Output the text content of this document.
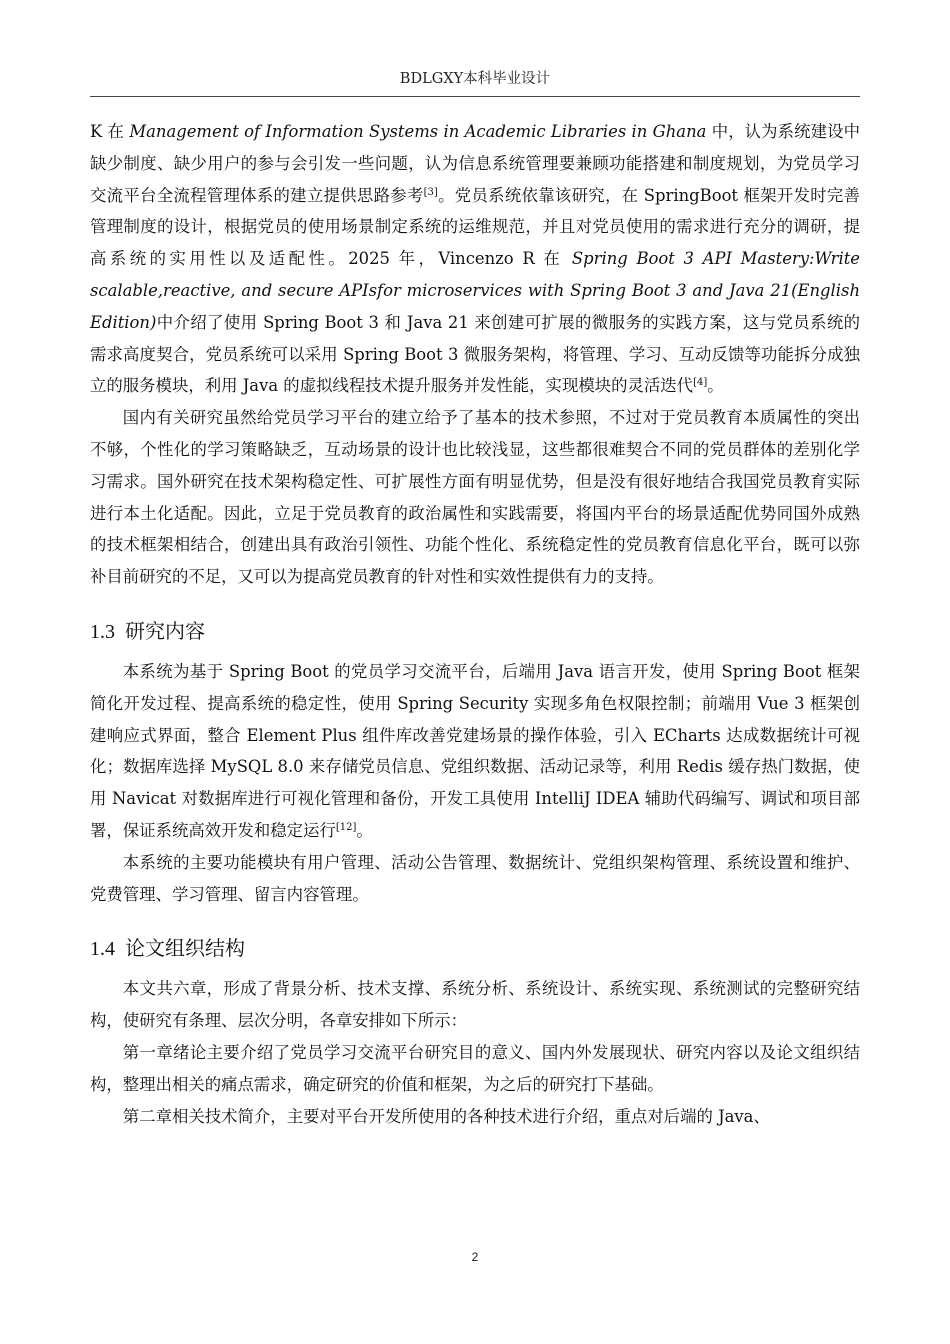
BDLGXY本科毕业设计

K 在 Management of Information Systems in Academic Libraries in Ghana 中，认为系统建设中缺少制度、缺少用户的参与会引发一些问题，认为信息系统管理要兼顾功能搭建和制度规划，为党员学习交流平台全流程管理体系的建立提供思路参考[3]。党员系统依靠该研究，在 SpringBoot 框架开发时完善管理制度的设计，根据党员的使用场景制定系统的运维规范，并且对党员使用的需求进行充分的调研，提高系统的实用性以及适配性。2025 年，Vincenzo R 在 Spring Boot 3 API Mastery:Write scalable,reactive, and secure APIsfor microservices with Spring Boot 3 and Java 21(English Edition)中介绍了使用 Spring Boot 3 和 Java 21 来创建可扩展的微服务的实践方案，这与党员系统的需求高度契合，党员系统可以采用 Spring Boot 3 微服务架构，将管理、学习、互动反馈等功能拆分成独立的服务模块，利用 Java 的虚拟线程技术提升服务并发性能，实现模块的灵活迭代[4]。

国内有关研究虽然给党员学习平台的建立给予了基本的技术参照，不过对于党员教育本质属性的突出不够，个性化的学习策略缺乏，互动场景的设计也比较浅显，这些都很难契合不同的党员群体的差别化学习需求。国外研究在技术架构稳定性、可扩展性方面有明显优势，但是没有很好地结合我国党员教育实际进行本土化适配。因此，立足于党员教育的政治属性和实践需要，将国内平台的场景适配优势同国外成熟的技术框架相结合，创建出具有政治引领性、功能个性化、系统稳定性的党员教育信息化平台，既可以弥补目前研究的不足，又可以为提高党员教育的针对性和实效性提供有力的支持。

1.3 研究内容

本系统为基于 Spring Boot 的党员学习交流平台，后端用 Java 语言开发，使用 Spring Boot 框架简化开发过程、提高系统的稳定性，使用 Spring Security 实现多角色权限控制；前端用 Vue 3 框架创建响应式界面，整合 Element Plus 组件库改善党建场景的操作体验，引入 ECharts 达成数据统计可视化；数据库选择 MySQL 8.0 来存储党员信息、党组织数据、活动记录等，利用 Redis 缓存热门数据，使用 Navicat 对数据库进行可视化管理和备份，开发工具使用 IntelliJ IDEA 辅助代码编写、调试和项目部署，保证系统高效开发和稳定运行[12]。

本系统的主要功能模块有用户管理、活动公告管理、数据统计、党组织架构管理、系统设置和维护、党费管理、学习管理、留言内容管理。

1.4 论文组织结构

本文共六章，形成了背景分析、技术支撑、系统分析、系统设计、系统实现、系统测试的完整研究结构，使研究有条理、层次分明，各章安排如下所示：

第一章绪论主要介绍了党员学习交流平台研究目的意义、国内外发展现状、研究内容以及论文组织结构，整理出相关的痛点需求，确定研究的价值和框架，为之后的研究打下基础。

第二章相关技术简介，主要对平台开发所使用的各种技术进行介绍，重点对后端的 Java、

2
